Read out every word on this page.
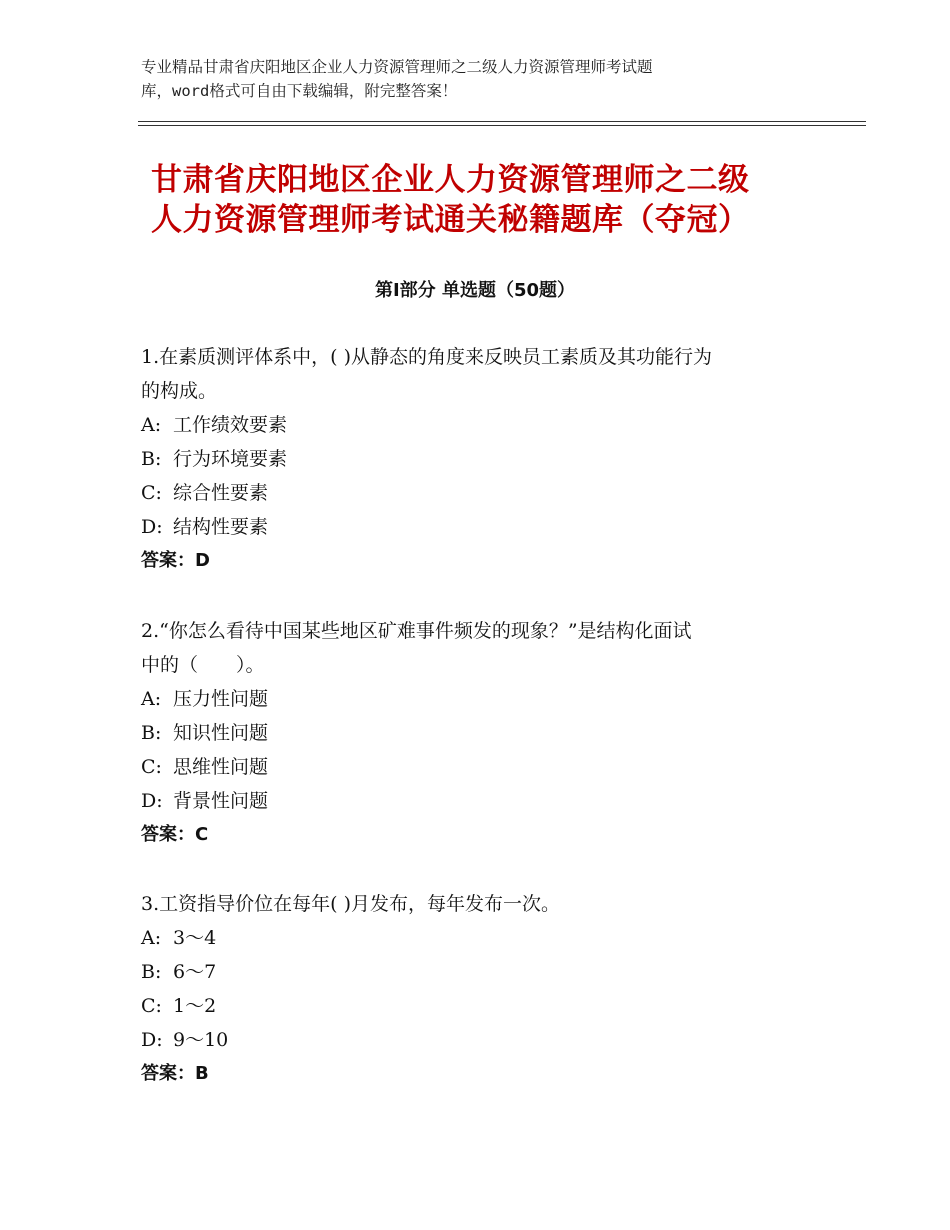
专业精品甘肃省庆阳地区企业人力资源管理师之二级人力资源管理师考试题
库，word格式可自由下载编辑，附完整答案！
甘肃省庆阳地区企业人力资源管理师之二级
人力资源管理师考试通关秘籍题库（夺冠）
第Ⅰ部分 单选题（50题）
1.在素质测评体系中，( )从静态的角度来反映员工素质及其功能行为
的构成。
A: 工作绩效要素
B: 行为环境要素
C: 综合性要素
D: 结构性要素
答案：D
2.“你怎么看待中国某些地区矿难事件频发的现象？”是结构化面试
中的（　　）。
A: 压力性问题
B: 知识性问题
C: 思维性问题
D: 背景性问题
答案：C
3.工资指导价位在每年( )月发布，每年发布一次。
A: 3～4
B: 6～7
C: 1～2
D: 9～10
答案：B
